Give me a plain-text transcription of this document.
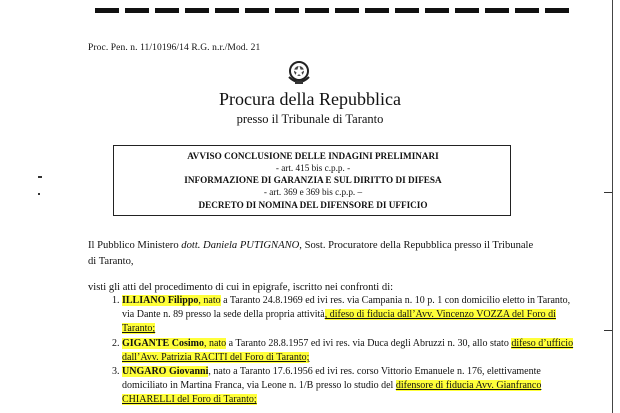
Proc. Pen. n. 11/10196/14 R.G. n.r./Mod. 21
Procura della Repubblica
presso il Tribunale di Taranto
AVVISO CONCLUSIONE DELLE INDAGINI PRELIMINARI
- art. 415 bis c.p.p. -
INFORMAZIONE DI GARANZIA E SUL DIRITTO DI DIFESA
- art. 369 e 369 bis c.p.p. –
DECRETO DI NOMINA DEL DIFENSORE DI UFFICIO
Il Pubblico Ministero dott. Daniela PUTIGNANO, Sost. Procuratore della Repubblica presso il Tribunale di Taranto,
visti gli atti del procedimento di cui in epigrafe, iscritto nei confronti di:
1. ILLIANO Filippo, nato a Taranto 24.8.1969 ed ivi res. via Campania n. 10 p. 1 con domicilio eletto in Taranto, via Dante n. 89 presso la sede della propria attività, difeso di fiducia dall’Avv. Vincenzo VOZZA del Foro di Taranto;
2. GIGANTE Cosimo, nato a Taranto 28.8.1957 ed ivi res. via Duca degli Abruzzi n. 30, allo stato difeso d’ufficio dall’Avv. Patrizia RACITI del Foro di Taranto;
3. UNGARO Giovanni, nato a Taranto 17.6.1956 ed ivi res. corso Vittorio Emanuele n. 176, elettivamente domiciliato in Martina Franca, via Leone n. 1/B presso lo studio del difensore di fiducia Avv. Gianfranco CHIARELLI del Foro di Taranto;
